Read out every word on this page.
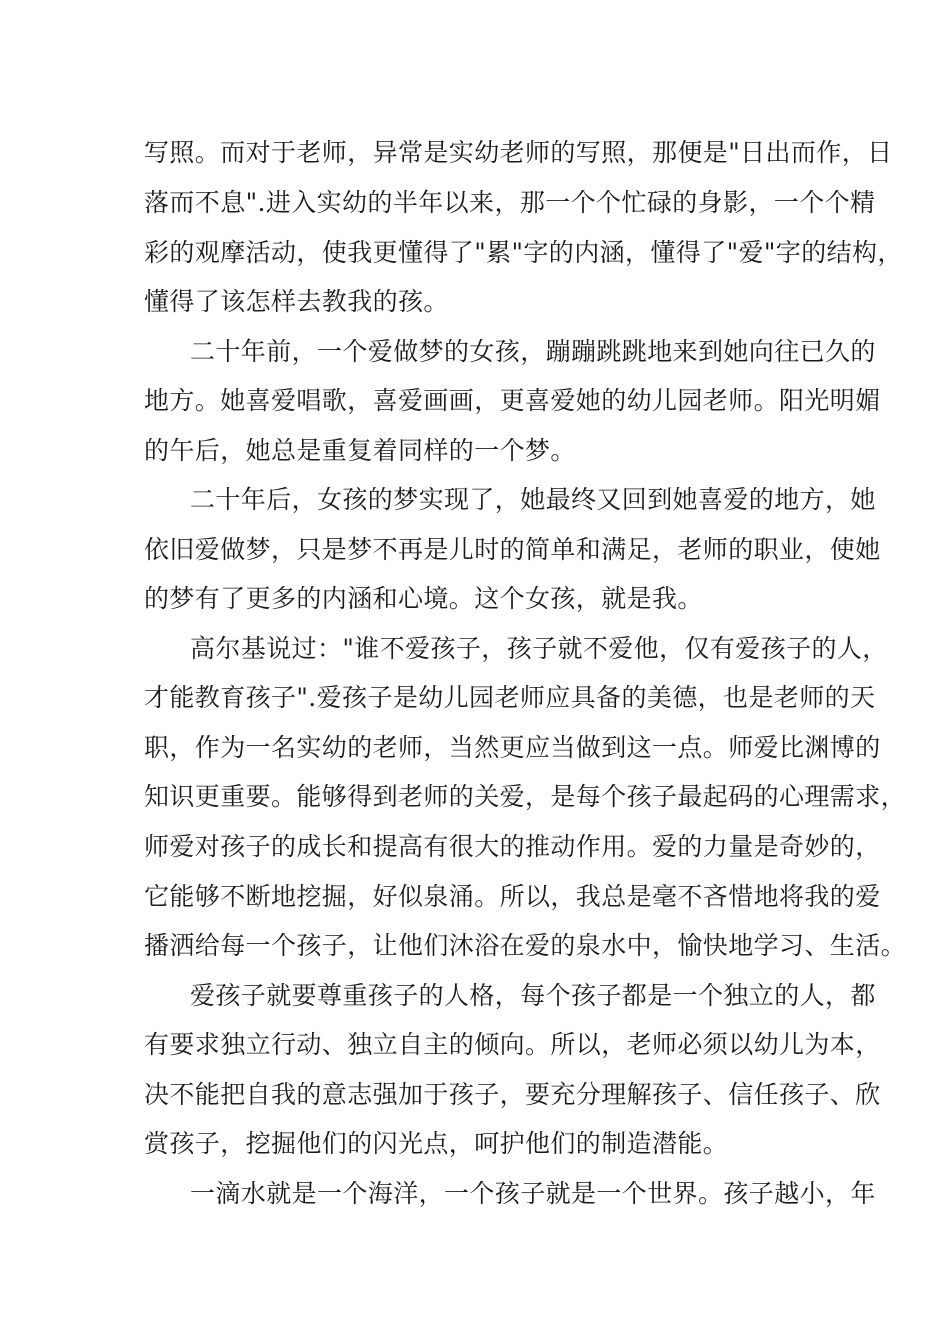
写照。而对于老师，异常是实幼老师的写照，那便是"日出而作，日
落而不息".进入实幼的半年以来，那一个个忙碌的身影，一个个精
彩的观摩活动，使我更懂得了"累"字的内涵，懂得了"爱"字的结构，
懂得了该怎样去教我的孩。
二十年前，一个爱做梦的女孩，蹦蹦跳跳地来到她向往已久的
地方。她喜爱唱歌，喜爱画画，更喜爱她的幼儿园老师。阳光明媚
的午后，她总是重复着同样的一个梦。
二十年后，女孩的梦实现了，她最终又回到她喜爱的地方，她
依旧爱做梦，只是梦不再是儿时的简单和满足，老师的职业，使她
的梦有了更多的内涵和心境。这个女孩，就是我。
高尔基说过："谁不爱孩子，孩子就不爱他，仅有爱孩子的人，
才能教育孩子".爱孩子是幼儿园老师应具备的美德，也是老师的天
职，作为一名实幼的老师，当然更应当做到这一点。师爱比渊博的
知识更重要。能够得到老师的关爱，是每个孩子最起码的心理需求，
师爱对孩子的成长和提高有很大的推动作用。爱的力量是奇妙的，
它能够不断地挖掘，好似泉涌。所以，我总是毫不吝惜地将我的爱
播洒给每一个孩子，让他们沐浴在爱的泉水中，愉快地学习、生活。
爱孩子就要尊重孩子的人格，每个孩子都是一个独立的人，都
有要求独立行动、独立自主的倾向。所以，老师必须以幼儿为本，
决不能把自我的意志强加于孩子，要充分理解孩子、信任孩子、欣
赏孩子，挖掘他们的闪光点，呵护他们的制造潜能。
一滴水就是一个海洋，一个孩子就是一个世界。孩子越小，年
